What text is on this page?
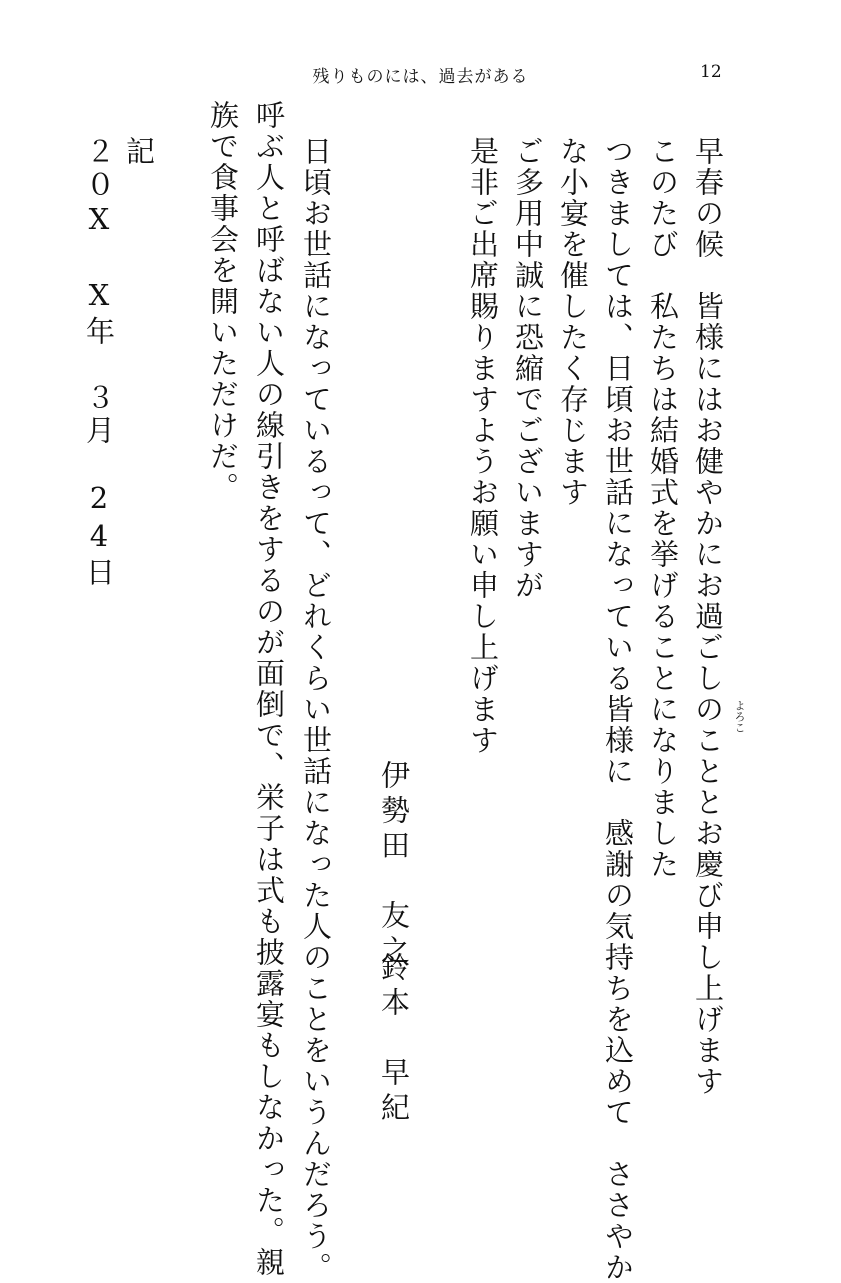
残りものには、過去がある	12
早春の候　皆様にはお健やかにお過ごしのこととお慶び申し上げます
このたび　私たちは結婚式を挙げることになりました
つきましては、日頃お世話になっている皆様に　感謝の気持ちを込めて　ささやか
な小宴を催したく存じます
ご多用中誠に恐縮でございますが
是非ご出席賜りますようお願い申し上げます	よろこ
伊勢田　友之
鈴本　早紀
日頃お世話になっているって、どれくらい世話になった人のことをいうんだろう。
呼ぶ人と呼ばない人の線引きをするのが面倒で、栄子は式も披露宴もしなかった。親
族で食事会を開いただけだ。
記
２０X X年　３月　24日
